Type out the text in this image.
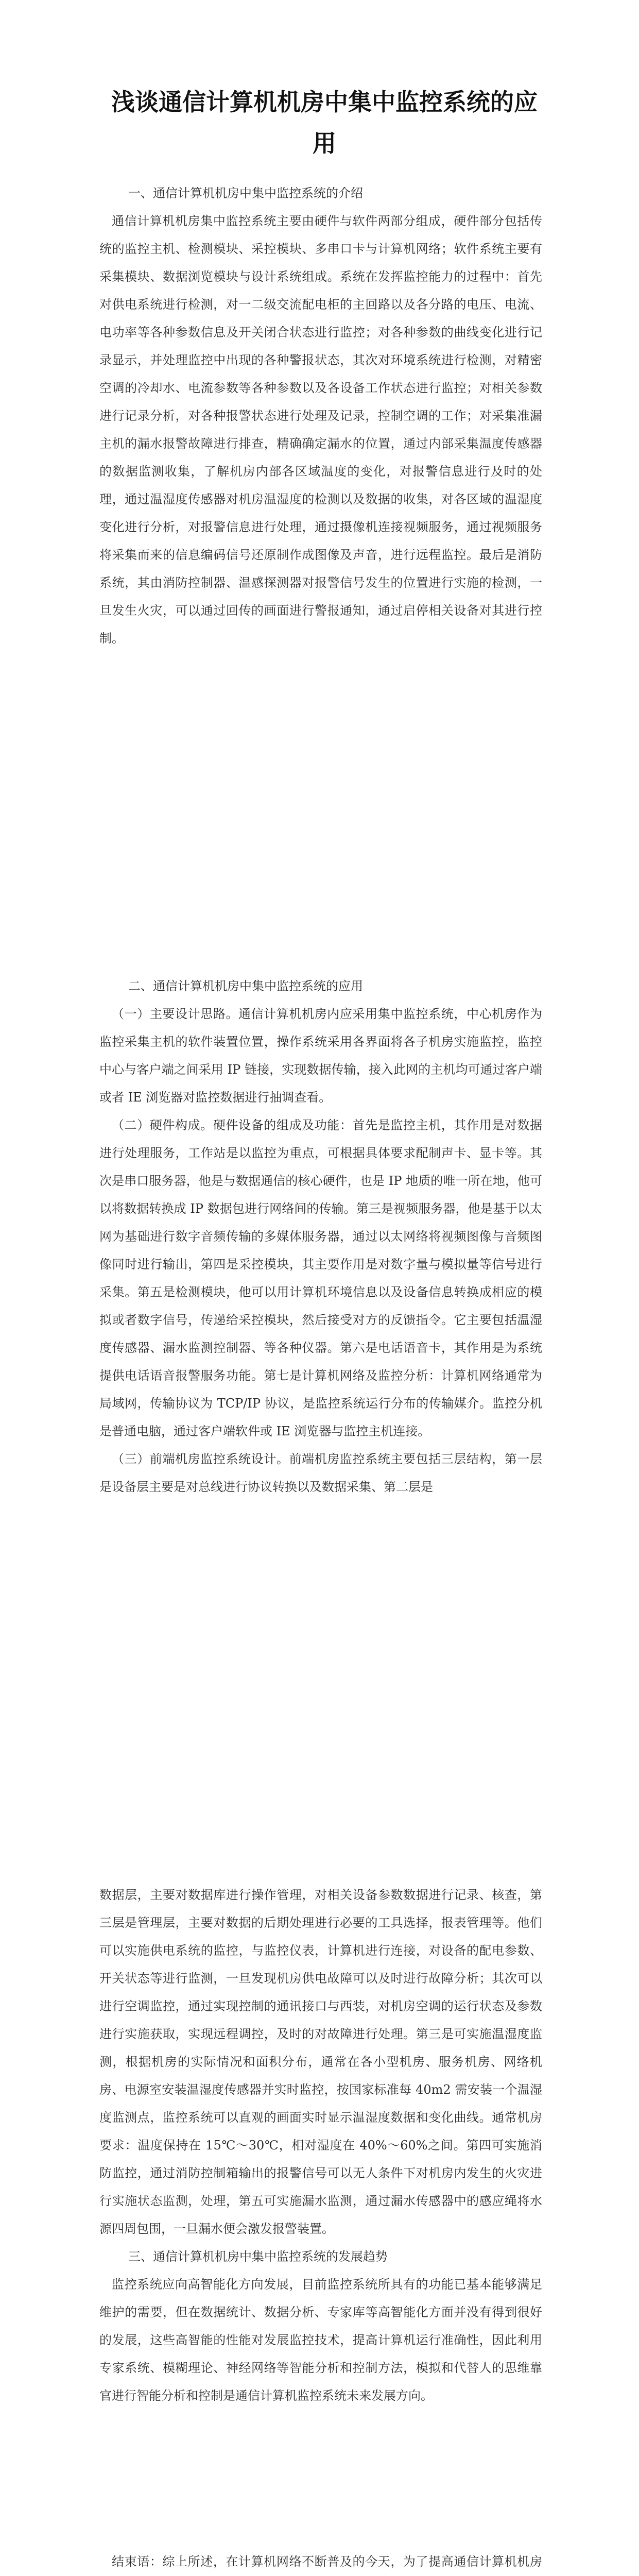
浅谈通信计算机机房中集中监控系统的应用

一、通信计算机机房中集中监控系统的介绍

通信计算机机房集中监控系统主要由硬件与软件两部分组成，硬件部分包括传统的监控主机、检测模块、采控模块、多串口卡与计算机网络；软件系统主要有采集模块、数据浏览模块与设计系统组成。系统在发挥监控能力的过程中：首先对供电系统进行检测，对一二级交流配电柜的主回路以及各分路的电压、电流、电功率等各种参数信息及开关闭合状态进行监控；对各种参数的曲线变化进行记录显示，并处理监控中出现的各种警报状态，其次对环境系统进行检测，对精密空调的冷却水、电流参数等各种参数以及各设备工作状态进行监控；对相关参数进行记录分析，对各种报警状态进行处理及记录，控制空调的工作；对采集准漏主机的漏水报警故障进行排查，精确确定漏水的位置，通过内部采集温度传感器的数据监测收集，了解机房内部各区域温度的变化，对报警信息进行及时的处理，通过温湿度传感器对机房温湿度的检测以及数据的收集，对各区域的温湿度变化进行分析，对报警信息进行处理，通过摄像机连接视频服务，通过视频服务将采集而来的信息编码信号还原制作成图像及声音，进行远程监控。最后是消防系统，其由消防控制器、温感探测器对报警信号发生的位置进行实施的检测，一旦发生火灾，可以通过回传的画面进行警报通知，通过启停相关设备对其进行控制。

二、通信计算机机房中集中监控系统的应用

（一）主要设计思路。通信计算机机房内应采用集中监控系统，中心机房作为监控采集主机的软件装置位置，操作系统采用各界面将各子机房实施监控，监控中心与客户端之间采用 IP 链接，实现数据传输，接入此网的主机均可通过客户端或者 IE 浏览器对监控数据进行抽调查看。

（二）硬件构成。硬件设备的组成及功能：首先是监控主机，其作用是对数据进行处理服务，工作站是以监控为重点，可根据具体要求配制声卡、显卡等。其次是串口服务器，他是与数据通信的核心硬件，也是 IP 地质的唯一所在地，他可以将数据转换成 IP 数据包进行网络间的传输。第三是视频服务器，他是基于以太网为基础进行数字音频传输的多媒体服务器，通过以太网络将视频图像与音频图像同时进行输出，第四是采控模块，其主要作用是对数字量与模拟量等信号进行采集。第五是检测模块，他可以用计算机环境信息以及设备信息转换成相应的模拟或者数字信号，传递给采控模块，然后接受对方的反馈指令。它主要包括温湿度传感器、漏水监测控制器、等各种仪器。第六是电话语音卡，其作用是为系统提供电话语音报警服务功能。第七是计算机网络及监控分析：计算机网络通常为局域网，传输协议为 TCP/IP 协议，是监控系统运行分布的传输媒介。监控分机是普通电脑，通过客户端软件或 IE 浏览器与监控主机连接。

（三）前端机房监控系统设计。前端机房监控系统主要包括三层结构，第一层是设备层主要是对总线进行协议转换以及数据采集、第二层是

数据层，主要对数据库进行操作管理，对相关设备参数数据进行记录、核查，第三层是管理层，主要对数据的后期处理进行必要的工具选择，报表管理等。他们可以实施供电系统的监控，与监控仪表，计算机进行连接，对设备的配电参数、开关状态等进行监测，一旦发现机房供电故障可以及时进行故障分析；其次可以进行空调监控，通过实现控制的通讯接口与西装，对机房空调的运行状态及参数进行实施获取，实现远程调控，及时的对故障进行处理。第三是可实施温湿度监测，根据机房的实际情况和面积分布，通常在各小型机房、服务机房、网络机房、电源室安装温湿度传感器并实时监控，按国家标准每 40m2 需安装一个温湿度监测点，监控系统可以直观的画面实时显示温湿度数据和变化曲线。通常机房要求：温度保持在 15℃～30℃，相对湿度在 40%～60%之间。第四可实施消防监控，通过消防控制箱输出的报警信号可以无人条件下对机房内发生的火灾进行实施状态监测，处理，第五可实施漏水监测，通过漏水传感器中的感应绳将水源四周包围，一旦漏水便会激发报警装置。

三、通信计算机机房中集中监控系统的发展趋势

监控系统应向高智能化方向发展，目前监控系统所具有的功能已基本能够满足维护的需要，但在数据统计、数据分析、专家库等高智能化方面并没有得到很好的发展，这些高智能的性能对发展监控技术，提高计算机运行准确性，因此利用专家系统、模糊理论、神经网络等智能分析和控制方法，模拟和代替人的思维靠官进行智能分析和控制是通信计算机监控系统未来发展方向。

结束语：综上所述，在计算机网络不断普及的今天，为了提高通信计算机机房
